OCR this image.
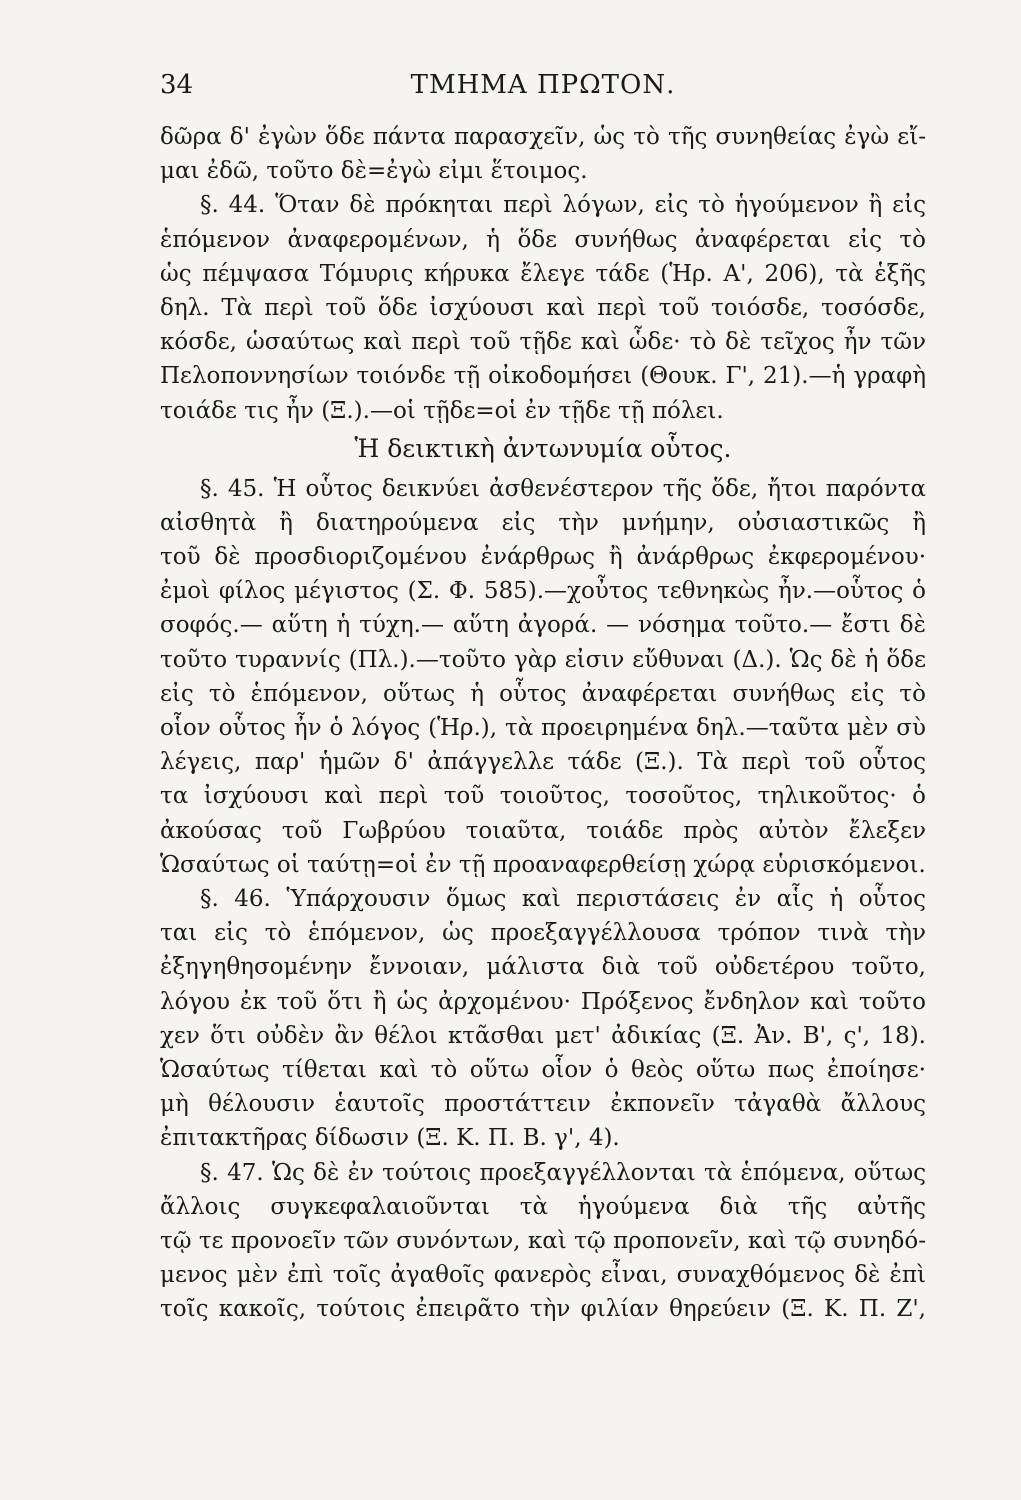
34	ΤΜΗΜΑ ΠΡΩΤΟΝ.
δῶρα δ' ἐγὼν ὅδε πάντα παρασχεῖν, ὡς τὸ τῆς συνηθείας ἐγὼ εἴ-
μαι ἐδῶ, τοῦτο δὲ=ἐγὼ εἰμι ἕτοιμος.
§. 44. Ὅταν δὲ πρόκηται περὶ λόγων, εἰς τὸ ἡγούμενον ἢ εἰς
ἑπόμενον ἀναφερομένων, ἡ ὅδε συνήθως ἀναφέρεται εἰς τὸ
ὡς πέμψασα Τόμυρις κήρυκα ἔλεγε τάδε (Ἡρ. Α', 206), τὰ ἑξῆς
δηλ. Τὰ περὶ τοῦ ὅδε ἰσχύουσι καὶ περὶ τοῦ τοιόσδε, τοσόσδε,
κόσδε, ὡσαύτως καὶ περὶ τοῦ τῇδε καὶ ὧδε· τὸ δὲ τεῖχος ἦν τῶν
Πελοποννησίων τοιόνδε τῇ οἰκοδομήσει (Θουκ. Γ', 21).—ἡ γραφὴ
τοιάδε τις ἦν (Ξ.).—οἱ τῇδε=οἱ ἐν τῇδε τῇ πόλει.
Ἡ δεικτικὴ ἀντωνυμία οὗτος.
§. 45. Ἡ οὗτος δεικνύει ἀσθενέστερον τῆς ὅδε, ἤτοι παρόντα
αἰσθητὰ ἢ διατηρούμενα εἰς τὴν μνήμην, οὐσιαστικῶς ἢ
τοῦ δὲ προσδιοριζομένου ἐνάρθρως ἢ ἀνάρθρως ἐκφερομένου·
ἐμοὶ φίλος μέγιστος (Σ. Φ. 585).—χοὖτος τεθνηκὼς ἦν.—οὗτος ὁ
σοφός.— αὕτη ἡ τύχη.— αὕτη ἀγορά. — νόσημα τοῦτο.— ἔστι δὲ
τοῦτο τυραννίς (Πλ.).—τοῦτο γὰρ εἰσιν εὔθυναι (Δ.). Ὡς δὲ ἡ ὅδε
εἰς τὸ ἑπόμενον, οὕτως ἡ οὗτος ἀναφέρεται συνήθως εἰς τὸ
οἷον οὗτος ἦν ὁ λόγος (Ἡρ.), τὰ προειρημένα δηλ.—ταῦτα μὲν σὺ
λέγεις, παρ' ἡμῶν δ' ἀπάγγελλε τάδε (Ξ.). Τὰ περὶ τοῦ οὗτος
τα ἰσχύουσι καὶ περὶ τοῦ τοιοῦτος, τοσοῦτος, τηλικοῦτος· ὁ
ἀκούσας τοῦ Γωβρύου τοιαῦτα, τοιάδε πρὸς αὐτὸν ἔλεξεν
Ὡσαύτως οἱ ταύτῃ=οἱ ἐν τῇ προαναφερθείσῃ χώρᾳ εὑρισκόμενοι.
§. 46. Ὑπάρχουσιν ὅμως καὶ περιστάσεις ἐν αἷς ἡ οὗτος
ται εἰς τὸ ἑπόμενον, ὡς προεξαγγέλλουσα τρόπον τινὰ τὴν
ἐξηγηθησομένην ἔννοιαν, μάλιστα διὰ τοῦ οὐδετέρου τοῦτο,
λόγου ἐκ τοῦ ὅτι ἢ ὡς ἀρχομένου· Πρόξενος ἔνδηλον καὶ τοῦτο
χεν ὅτι οὐδὲν ἂν θέλοι κτᾶσθαι μετ' ἀδικίας (Ξ. Ἀν. Β', ς', 18).
Ὡσαύτως τίθεται καὶ τὸ οὕτω οἷον ὁ θεὸς οὕτω πως ἐποίησε·
μὴ θέλουσιν ἑαυτοῖς προστάττειν ἐκπονεῖν τἀγαθὰ ἄλλους
ἐπιτακτῆρας δίδωσιν (Ξ. Κ. Π. Β. γ', 4).
§. 47. Ὡς δὲ ἐν τούτοις προεξαγγέλλονται τὰ ἑπόμενα, οὕτως
ἄλλοις συγκεφαλαιοῦνται τὰ ἡγούμενα διὰ τῆς αὐτῆς
τῷ τε προνοεῖν τῶν συνόντων, καὶ τῷ προπονεῖν, καὶ τῷ συνηδό-
μενος μὲν ἐπὶ τοῖς ἀγαθοῖς φανερὸς εἶναι, συναχθόμενος δὲ ἐπὶ
τοῖς κακοῖς, τούτοις ἐπειρᾶτο τὴν φιλίαν θηρεύειν (Ξ. Κ. Π. Ζ',
